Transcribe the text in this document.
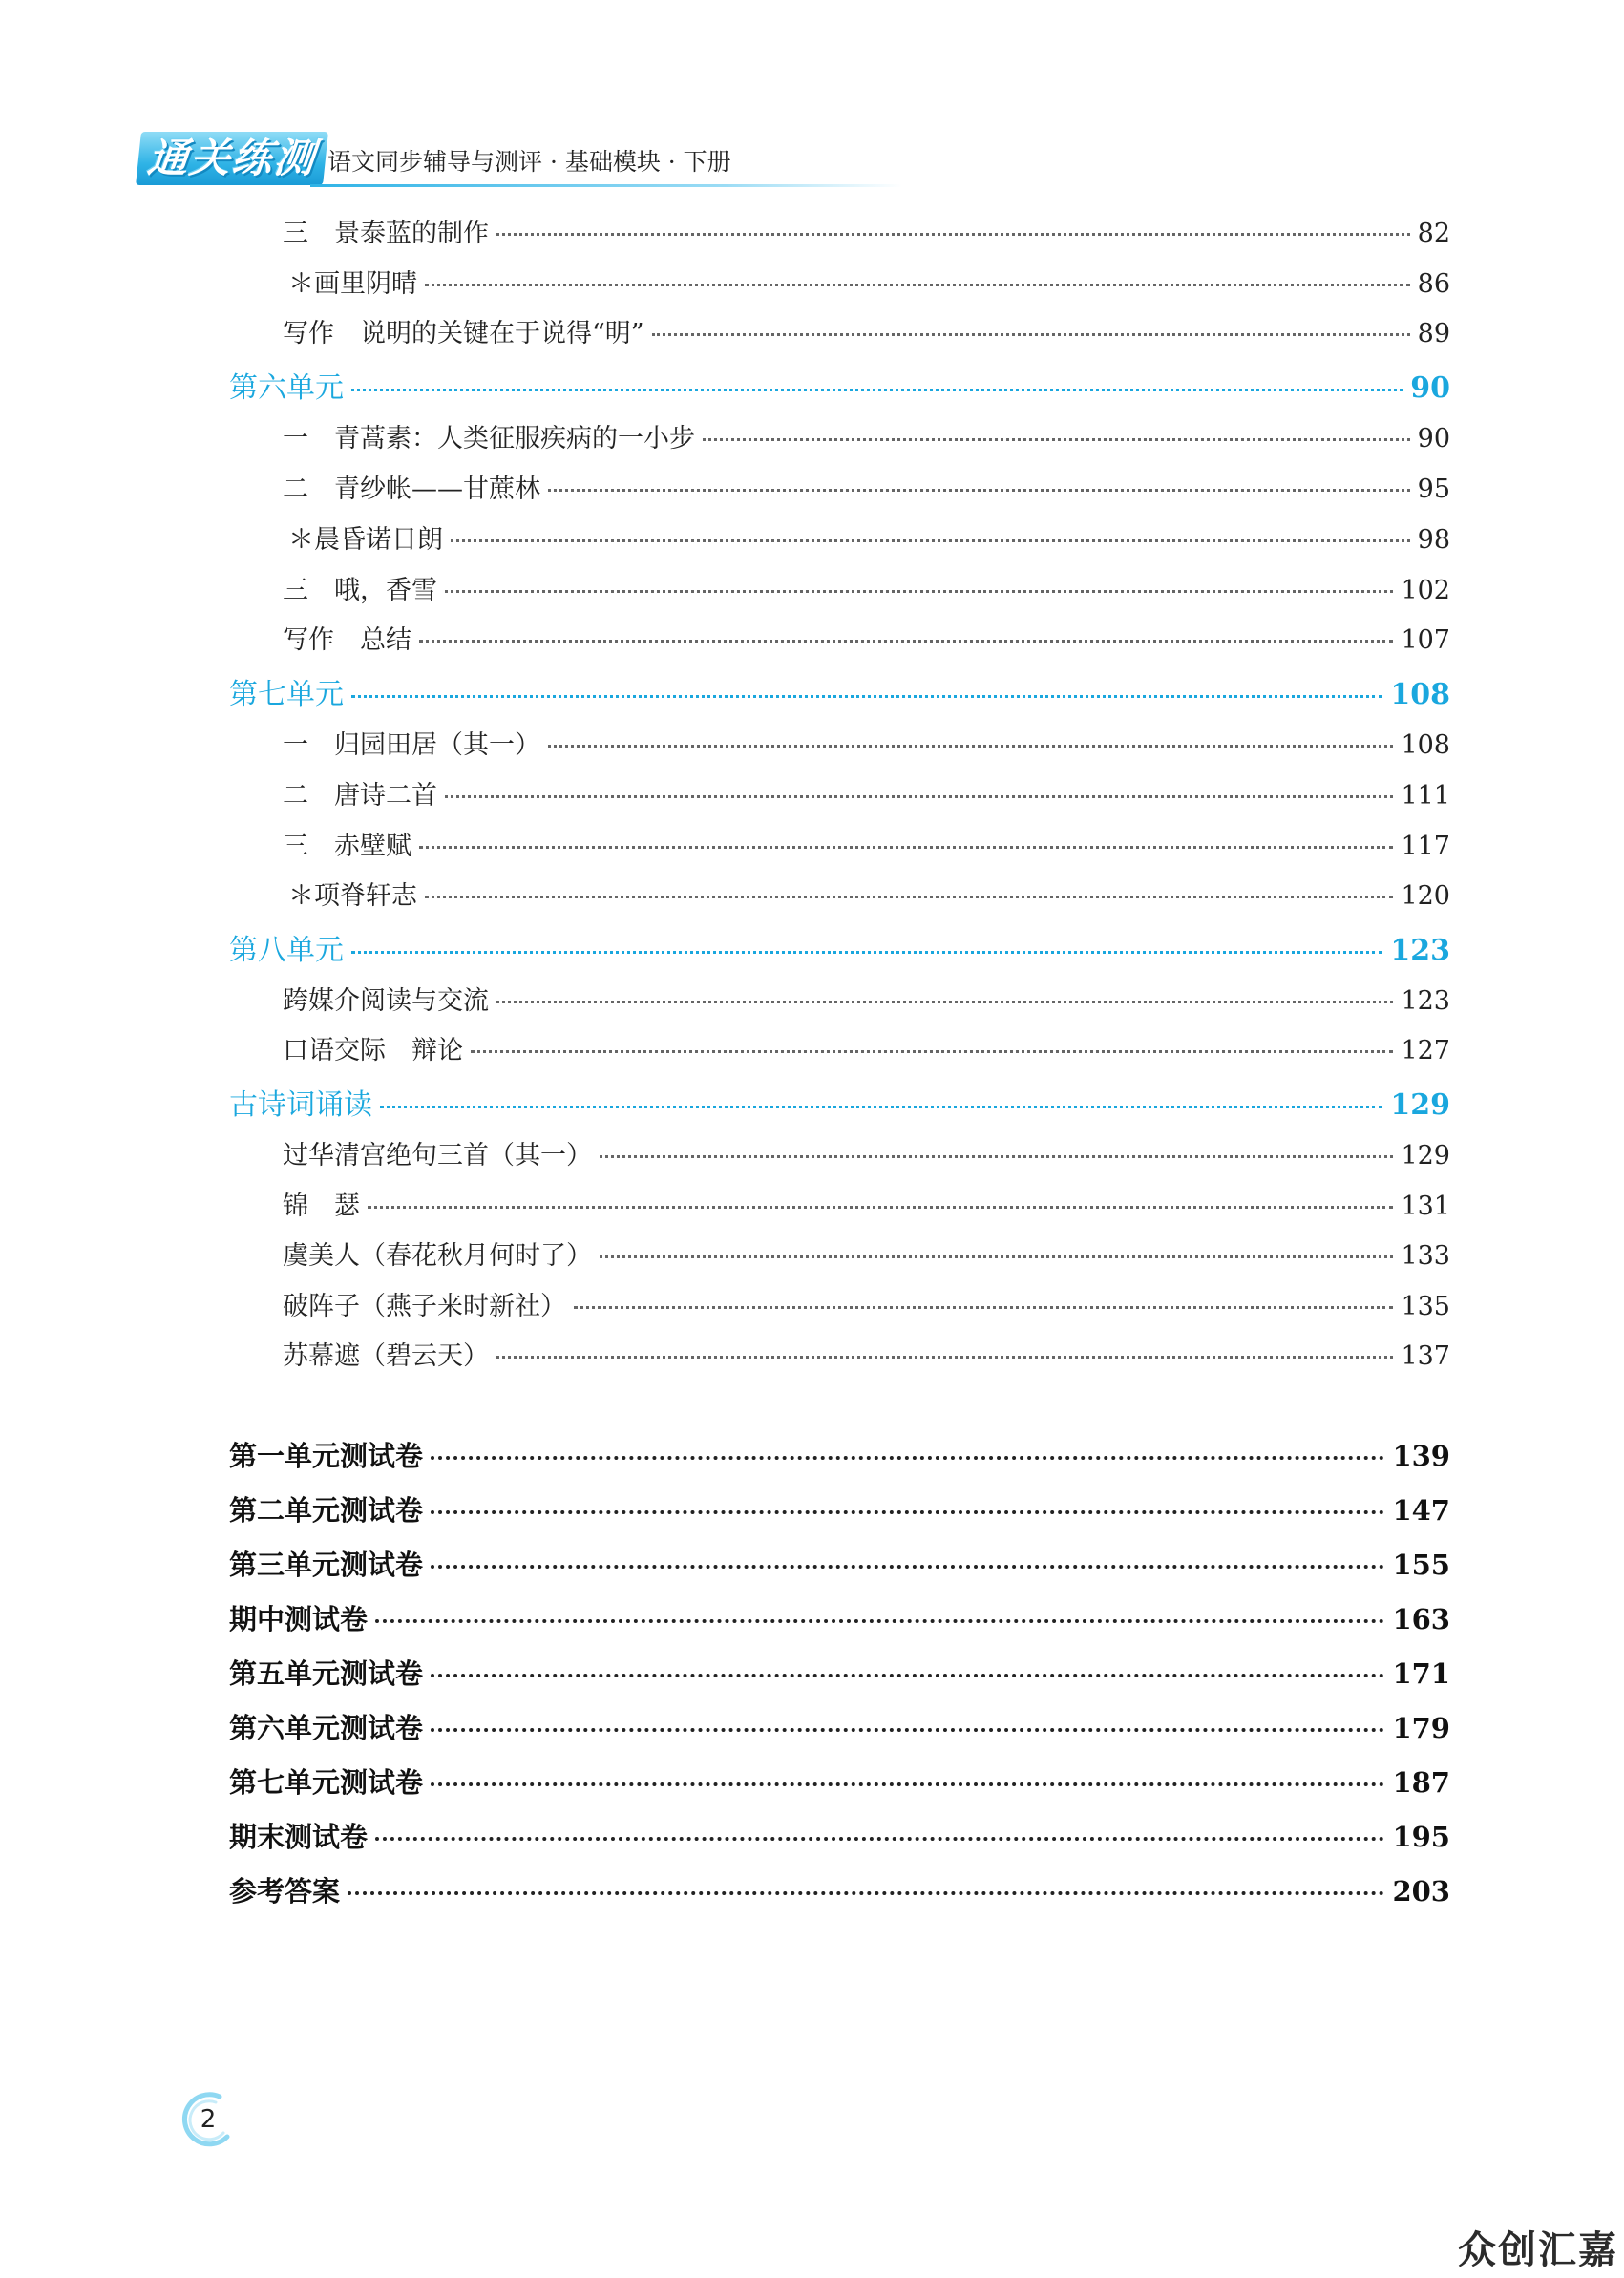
通关练测 语文同步辅导与测评 · 基础模块 · 下册
三　景泰蓝的制作	82
＊画里阴晴	86
写作　说明的关键在于说得“明”	89
第六单元	90
一　青蒿素：人类征服疾病的一小步	90
二　青纱帐——甘蔗林	95
＊晨昏诺日朗	98
三　哦，香雪	102
写作　总结	107
第七单元	108
一　归园田居（其一）	108
二　唐诗二首	111
三　赤壁赋	117
＊项脊轩志	120
第八单元	123
跨媒介阅读与交流	123
口语交际　辩论	127
古诗词诵读	129
过华清宫绝句三首（其一）	129
锦　瑟	131
虞美人（春花秋月何时了）	133
破阵子（燕子来时新社）	135
苏幕遮（碧云天）	137
第一单元测试卷	139
第二单元测试卷	147
第三单元测试卷	155
期中测试卷	163
第五单元测试卷	171
第六单元测试卷	179
第七单元测试卷	187
期末测试卷	195
参考答案	203
2
众创汇嘉
